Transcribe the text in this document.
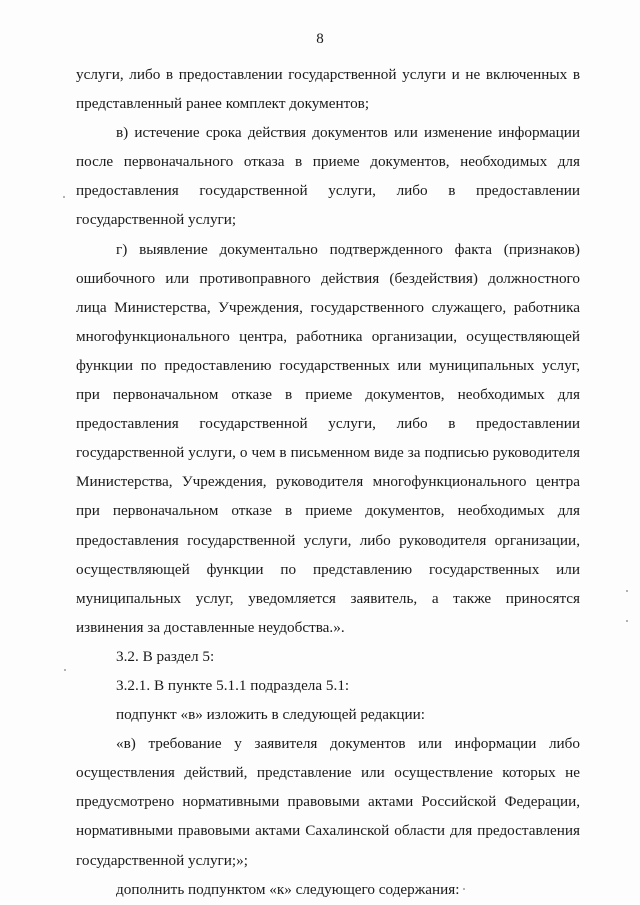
8

услуги, либо в предоставлении государственной услуги и не включенных в представленный ранее комплект документов;

в) истечение срока действия документов или изменение информации после первоначального отказа в приеме документов, необходимых для предоставления государственной услуги, либо в предоставлении государственной услуги;

г) выявление документально подтвержденного факта (признаков) ошибочного или противоправного действия (бездействия) должностного лица Министерства, Учреждения, государственного служащего, работника многофункционального центра, работника организации, осуществляющей функции по предоставлению государственных или муниципальных услуг, при первоначальном отказе в приеме документов, необходимых для предоставления государственной услуги, либо в предоставлении государственной услуги, о чем в письменном виде за подписью руководителя Министерства, Учреждения, руководителя многофункционального центра при первоначальном отказе в приеме документов, необходимых для предоставления государственной услуги, либо руководителя организации, осуществляющей функции по представлению государственных или муниципальных услуг, уведомляется заявитель, а также приносятся извинения за доставленные неудобства.».

3.2. В раздел 5:

3.2.1. В пункте 5.1.1 подраздела 5.1:

подпункт «в» изложить в следующей редакции:

«в) требование у заявителя документов или информации либо осуществления действий, представление или осуществление которых не предусмотрено нормативными правовыми актами Российской Федерации, нормативными правовыми актами Сахалинской области для предоставления государственной услуги;»;

дополнить подпунктом «к» следующего содержания:
